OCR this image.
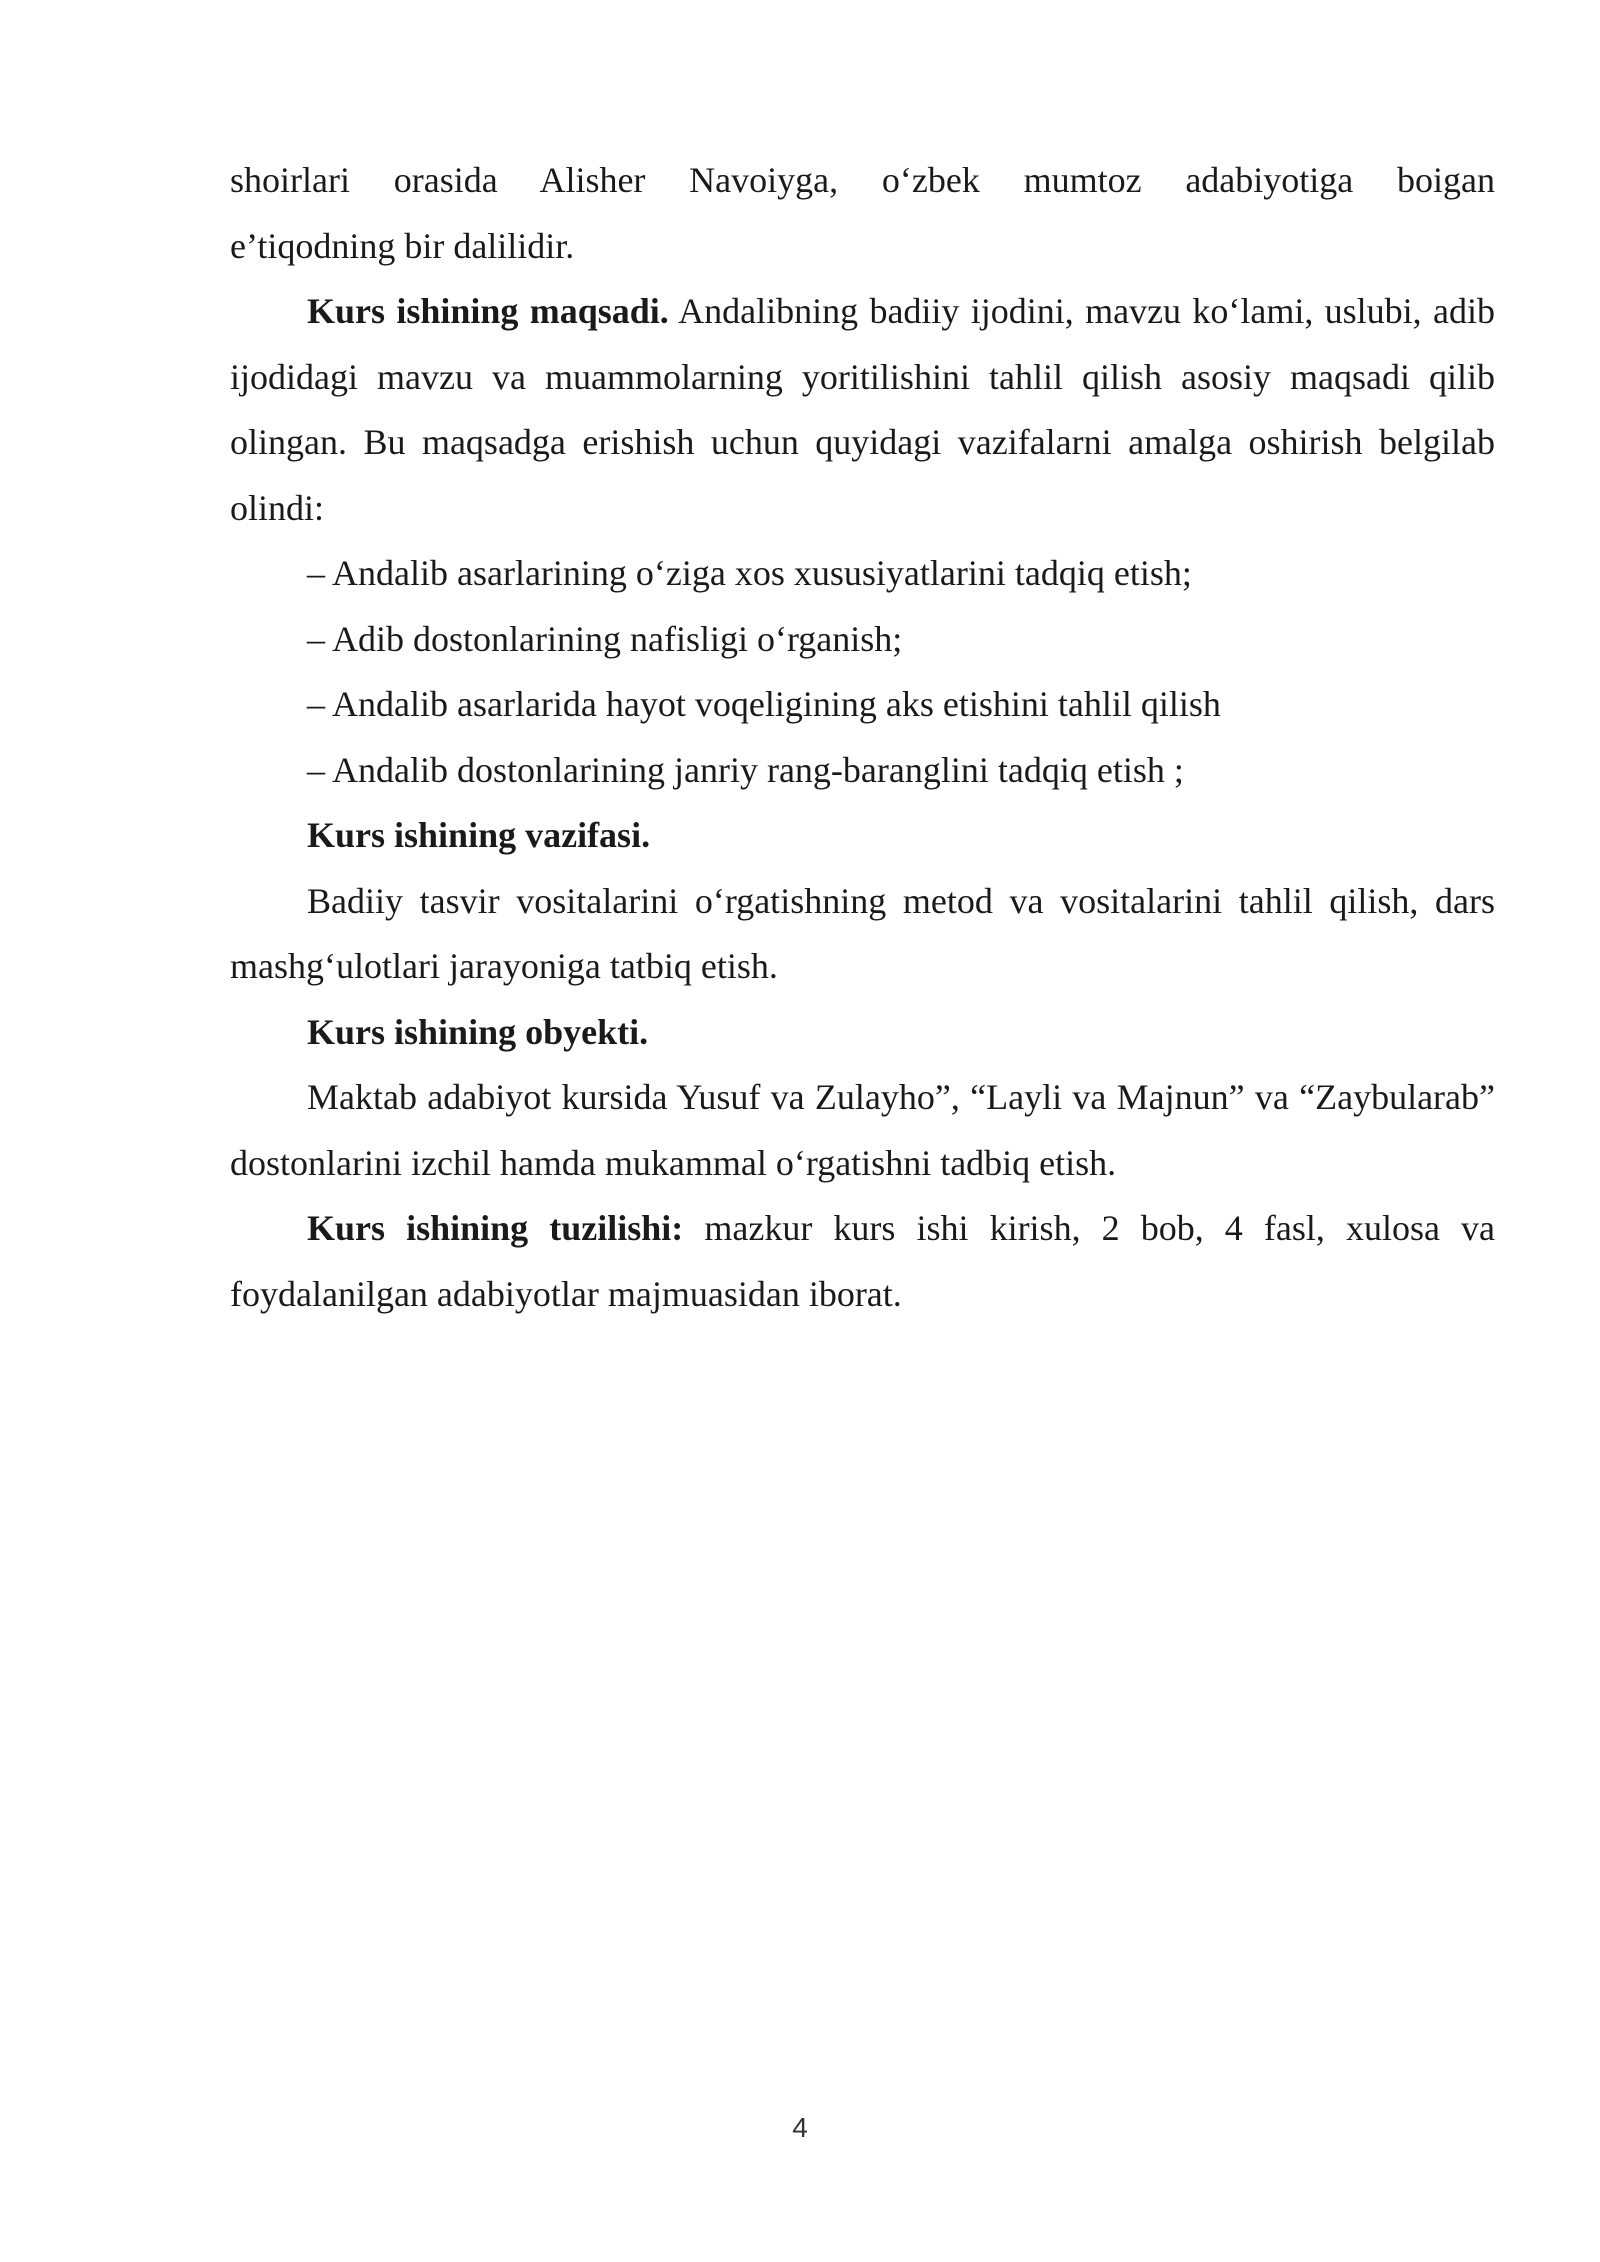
shoirlari orasida Alisher Navoiyga, o‘zbek mumtoz adabiyotiga boigan

e’tiqodning bir dalilidir.

Kurs ishining maqsadi. Andalibning badiiy ijodini, mavzu ko‘lami, uslubi, adib ijodidagi mavzu va muammolarning yoritilishini tahlil qilish asosiy maqsadi qilib olingan. Bu maqsadga erishish uchun quyidagi vazifalarni amalga oshirish belgilab olindi:

– Andalib asarlarining o‘ziga xos xususiyatlarini tadqiq etish;

– Adib dostonlarining nafisligi o‘rganish;

– Andalib asarlarida hayot voqeligining aks etishini tahlil qilish

– Andalib dostonlarining janriy rang-baranglini tadqiq etish ;

Kurs ishining vazifasi.

Badiiy tasvir vositalarini o‘rgatishning metod va vositalarini tahlil qilish, dars mashg‘ulotlari jarayoniga tatbiq etish.

Kurs ishining obyekti.

Maktab adabiyot kursida Yusuf va Zulayho”, “Layli va Majnun” va “Zaybularab” dostonlarini izchil hamda mukammal o‘rgatishni tadbiq etish.

Kurs ishining tuzilishi: mazkur kurs ishi kirish, 2 bob, 4 fasl, xulosa va foydalanilgan adabiyotlar majmuasidan iborat.

4
